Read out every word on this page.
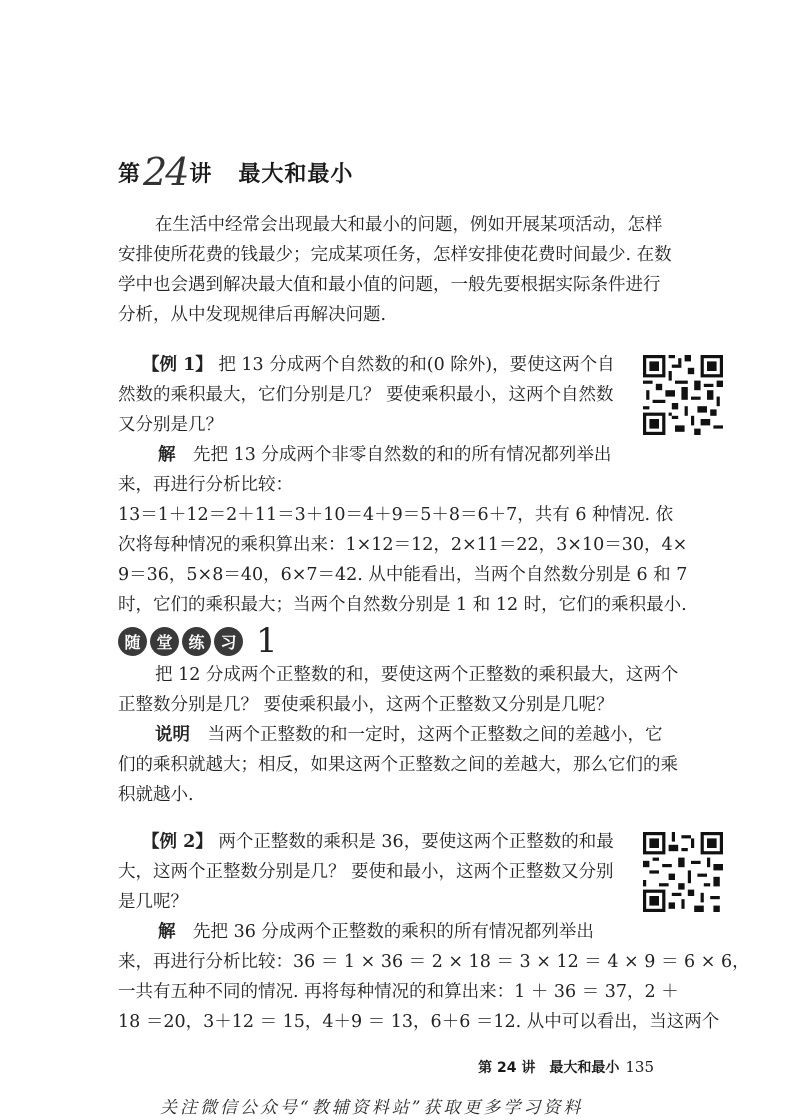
第24讲 最大和最小
在生活中经常会出现最大和最小的问题，例如开展某项活动，怎样
安排使所花费的钱最少；完成某项任务，怎样安排使花费时间最少. 在数
学中也会遇到解决最大值和最小值的问题，一般先要根据实际条件进行
分析，从中发现规律后再解决问题.
【例 1】 把 13 分成两个自然数的和(0 除外)，要使这两个自
然数的乘积最大，它们分别是几？ 要使乘积最小，这两个自然数
又分别是几？
解　 先把 13 分成两个非零自然数的和的所有情况都列举出
来，再进行分析比较：
13＝1＋12＝2＋11＝3＋10＝4＋9＝5＋8＝6＋7，共有 6 种情况. 依
次将每种情况的乘积算出来：1×12＝12，2×11＝22，3×10＝30，4×
9＝36，5×8＝40，6×7＝42. 从中能看出，当两个自然数分别是 6 和 7
时，它们的乘积最大；当两个自然数分别是 1 和 12 时，它们的乘积最小.
随 堂 练 习 1
把 12 分成两个正整数的和，要使这两个正整数的乘积最大，这两个
正整数分别是几？ 要使乘积最小，这两个正整数又分别是几呢？
说明　 当两个正整数的和一定时，这两个正整数之间的差越小，它
们的乘积就越大；相反，如果这两个正整数之间的差越大，那么它们的乘
积就越小.
【例 2】 两个正整数的乘积是 36，要使这两个正整数的和最
大，这两个正整数分别是几？ 要使和最小，这两个正整数又分别
是几呢？
解　 先把 36 分成两个正整数的乘积的所有情况都列举出
来，再进行分析比较：36 ＝ 1 × 36 ＝ 2 × 18 ＝ 3 × 12 ＝ 4 × 9 ＝ 6 × 6，
一共有五种不同的情况. 再将每种情况的和算出来：1 ＋ 36 ＝ 37，2 ＋
18 ＝20，3＋12 ＝ 15，4＋9 ＝ 13，6＋6 ＝12. 从中可以看出，当这两个
第 24 讲　最大和最小 135
关注微信公众号“教辅资料站”获取更多学习资料
